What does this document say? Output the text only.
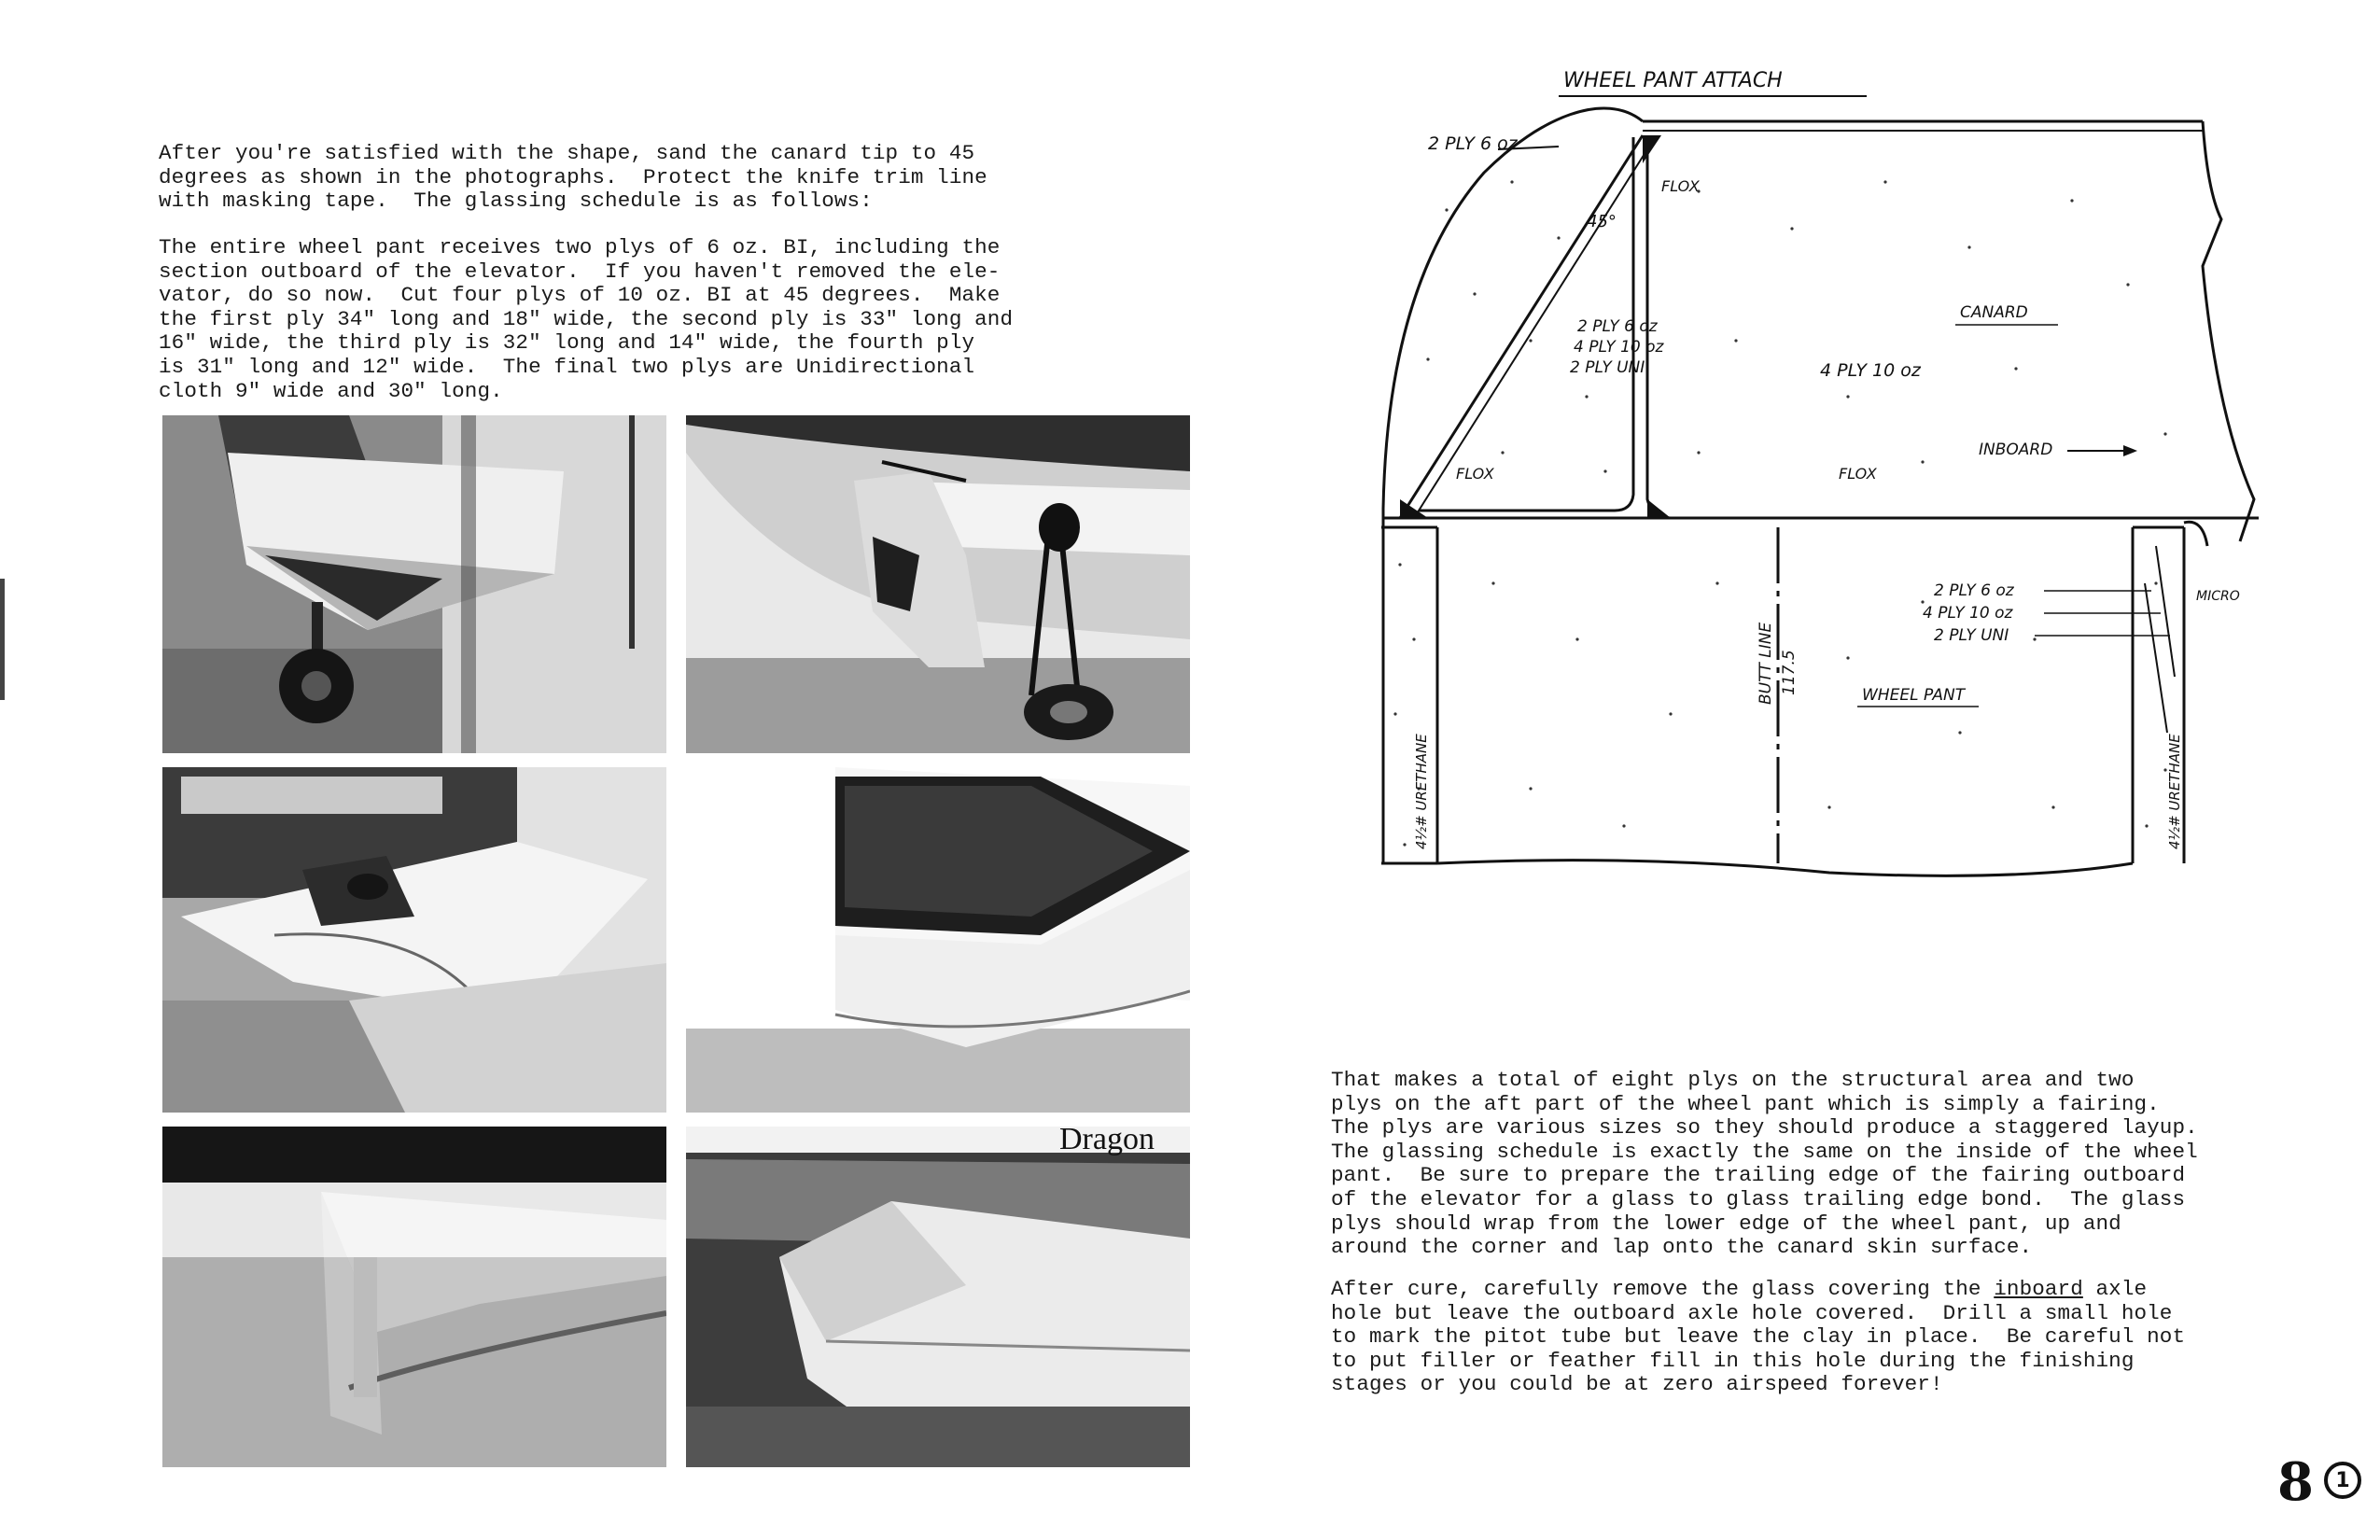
After you're satisfied with the shape, sand the canard tip to 45
degrees as shown in the photographs.  Protect the knife trim line
with masking tape.  The glassing schedule is as follows:
The entire wheel pant receives two plys of 6 oz. BI, including the
section outboard of the elevator.  If you haven't removed the ele-
vator, do so now.  Cut four plys of 10 oz. BI at 45 degrees.  Make
the first ply 34" long and 18" wide, the second ply is 33" long and
16" wide, the third ply is 32" long and 14" wide, the fourth ply
is 31" long and 12" wide.  The final two plys are Unidirectional
cloth 9" wide and 30" long.
Dragon
WHEEL PANT ATTACH
2 PLY 6 oz
FLOX
45°
2 PLY 6 oz
4 PLY 10 oz
2 PLY UNI	4 PLY 10 oz
CANARD
INBOARD
FLOX	FLOX
BUTT LINE 117.5
2 PLY 6 oz
4 PLY 10 oz
2 PLY UNI
MICRO
WHEEL PANT
4½# URETHANE	4½# URETHANE
That makes a total of eight plys on the structural area and two
plys on the aft part of the wheel pant which is simply a fairing.
The plys are various sizes so they should produce a staggered layup.
The glassing schedule is exactly the same on the inside of the wheel
pant.  Be sure to prepare the trailing edge of the fairing outboard
of the elevator for a glass to glass trailing edge bond.  The glass
plys should wrap from the lower edge of the wheel pant, up and
around the corner and lap onto the canard skin surface.
After cure, carefully remove the glass covering the inboard axle
hole but leave the outboard axle hole covered.  Drill a small hole
to mark the pitot tube but leave the clay in place.  Be careful not
to put filler or feather fill in this hole during the finishing
stages or you could be at zero airspeed forever!
8	1
